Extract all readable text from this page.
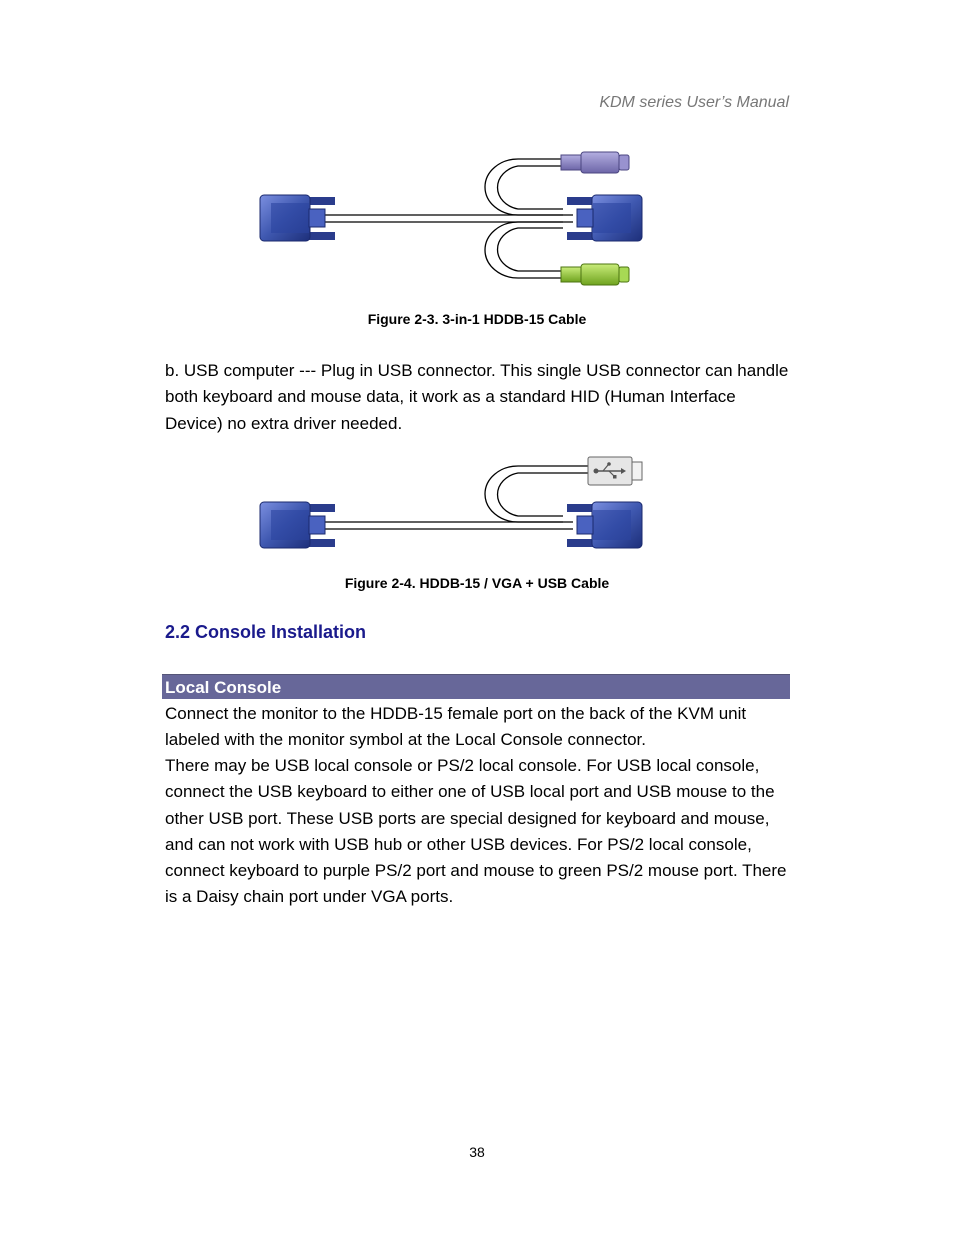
KDM series User’s Manual

Figure 2-3. 3-in-1 HDDB-15 Cable

b. USB computer --- Plug in USB connector. This single USB connector can handle both keyboard and mouse data, it work as a standard HID (Human Interface Device) no extra driver needed.

Figure 2-4. HDDB-15 / VGA + USB Cable

2.2 Console Installation
Local Console

Connect the monitor to the HDDB-15 female port on the back of the KVM unit labeled with the monitor symbol at the Local Console connector.

There may be USB local console or PS/2 local console. For USB local console, connect the USB keyboard to either one of USB local port and USB mouse to the other USB port. These USB ports are special designed for keyboard and mouse, and can not work with USB hub or other USB devices. For PS/2 local console, connect keyboard to purple PS/2 port and mouse to green PS/2 mouse port. There is a Daisy chain port under VGA ports.

38
